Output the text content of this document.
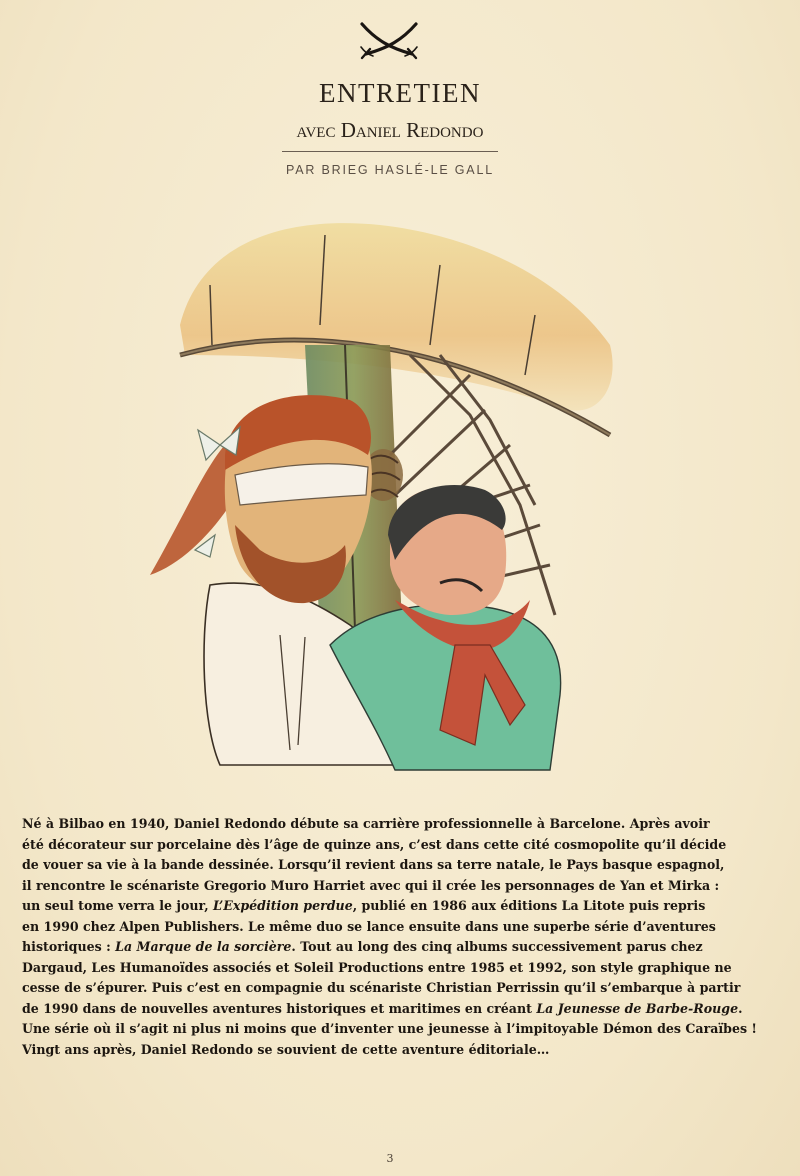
ENTRETIEN
avec Daniel Redondo
PAR BRIEG HASLÉ-LE GALL
Né à Bilbao en 1940, Daniel Redondo débute sa carrière professionnelle à Barcelone. Après avoir
été décorateur sur porcelaine dès l’âge de quinze ans, c’est dans cette cité cosmopolite qu’il décide
de vouer sa vie à la bande dessinée. Lorsqu’il revient dans sa terre natale, le Pays basque espagnol,
il rencontre le scénariste Gregorio Muro Harriet avec qui il crée les personnages de Yan et Mirka :
un seul tome verra le jour, L’Expédition perdue, publié en 1986 aux éditions La Litote puis repris
en 1990 chez Alpen Publishers. Le même duo se lance ensuite dans une superbe série d’aventures
historiques : La Marque de la sorcière. Tout au long des cinq albums successivement parus chez
Dargaud, Les Humanoïdes associés et Soleil Productions entre 1985 et 1992, son style graphique ne
cesse de s’épurer. Puis c’est en compagnie du scénariste Christian Perrissin qu’il s’embarque à partir
de 1990 dans de nouvelles aventures historiques et maritimes en créant La Jeunesse de Barbe-Rouge.
Une série où il s’agit ni plus ni moins que d’inventer une jeunesse à l’impitoyable Démon des Caraïbes !
Vingt ans après, Daniel Redondo se souvient de cette aventure éditoriale…
3
